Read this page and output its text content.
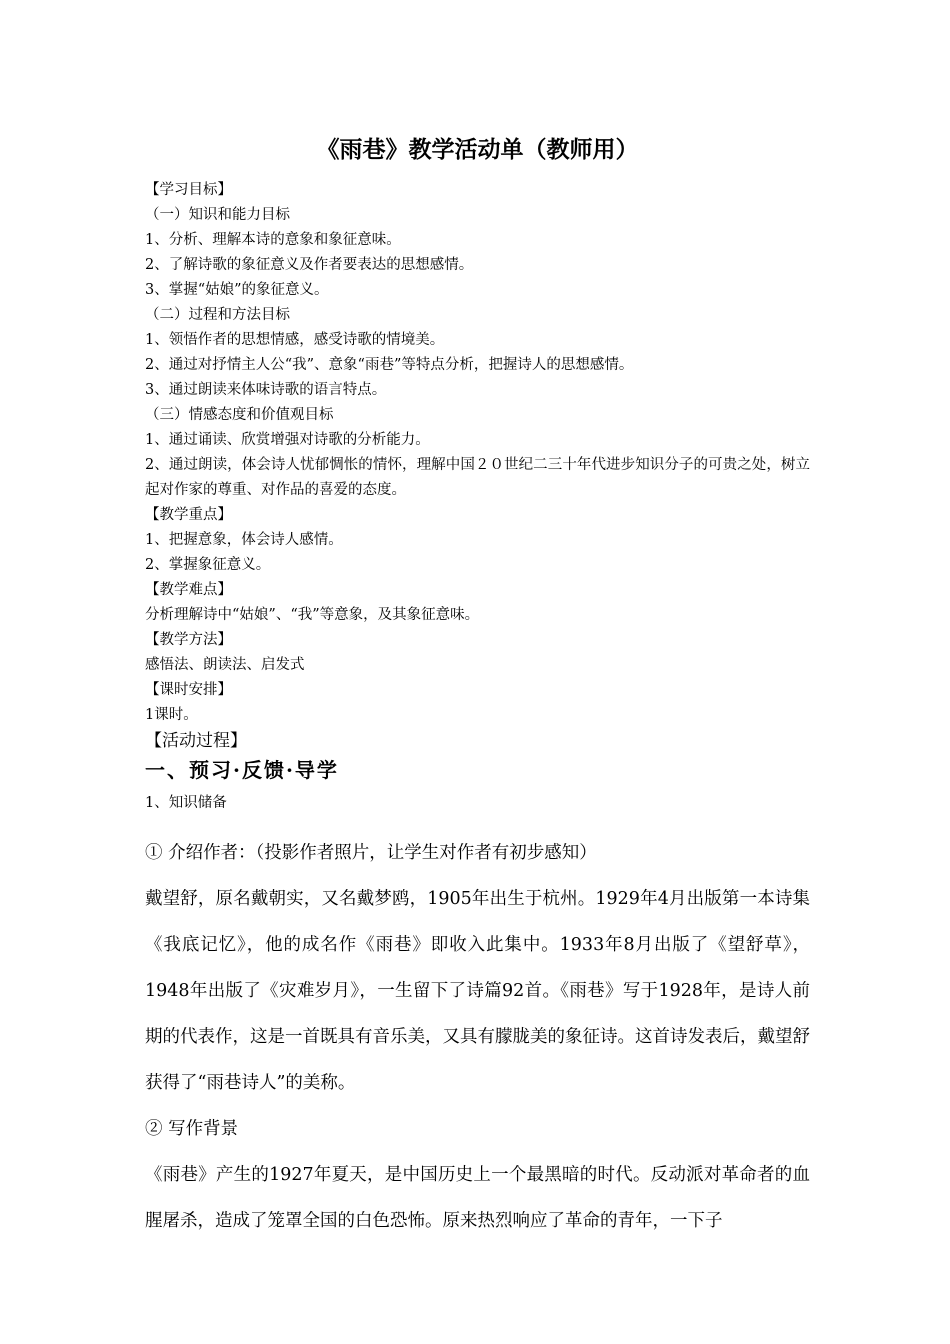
《雨巷》教学活动单（教师用）

【学习目标】

（一）知识和能力目标

1、分析、理解本诗的意象和象征意味。

2、了解诗歌的象征意义及作者要表达的思想感情。

3、掌握“姑娘”的象征意义。

（二）过程和方法目标

1、领悟作者的思想情感，感受诗歌的情境美。

2、通过对抒情主人公“我”、意象“雨巷”等特点分析，把握诗人的思想感情。

3、通过朗读来体味诗歌的语言特点。

（三）情感态度和价值观目标

1、通过诵读、欣赏增强对诗歌的分析能力。

2、通过朗读，体会诗人忧郁惆怅的情怀，理解中国２０世纪二三十年代进步知识分子的可贵之处，树立起对作家的尊重、对作品的喜爱的态度。

【教学重点】

1、把握意象，体会诗人感情。

2、掌握象征意义。

【教学难点】

分析理解诗中“姑娘”、“我”等意象，及其象征意味。

【教学方法】

感悟法、朗读法、启发式

【课时安排】

1课时。

【活动过程】

一、预习·反馈·导学

1、知识储备

① 介绍作者：（投影作者照片，让学生对作者有初步感知）

戴望舒，原名戴朝实，又名戴梦鸥，1905年出生于杭州。1929年4月出版第一本诗集《我底记忆》，他的成名作《雨巷》即收入此集中。1933年8月出版了《望舒草》，1948年出版了《灾难岁月》，一生留下了诗篇92首。《雨巷》写于1928年，是诗人前期的代表作，这是一首既具有音乐美，又具有朦胧美的象征诗。这首诗发表后，戴望舒获得了“雨巷诗人”的美称。

② 写作背景

《雨巷》产生的1927年夏天，是中国历史上一个最黑暗的时代。反动派对革命者的血腥屠杀，造成了笼罩全国的白色恐怖。原来热烈响应了革命的青年，一下子
